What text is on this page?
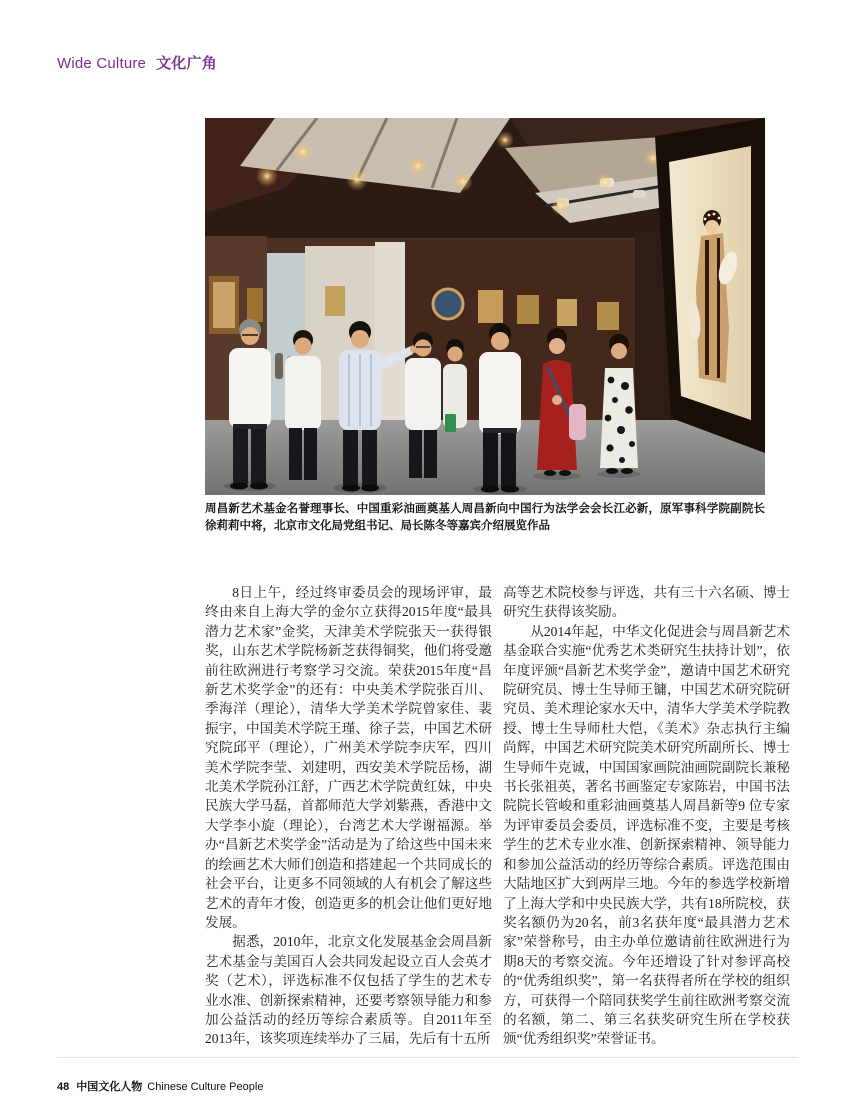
Wide Culture 文化广角
周昌新艺术基金名誉理事长、中国重彩油画奠基人周昌新向中国行为法学会会长江必新，原军事科学院副院长徐莉莉中将，北京市文化局党组书记、局长陈冬等嘉宾介绍展览作品

8日上午，经过终审委员会的现场评审，最终由来自上海大学的金尔立获得2015年度“最具潜力艺术家”金奖，天津美术学院张天一获得银奖，山东艺术学院杨新芝获得铜奖，他们将受邀前往欧洲进行考察学习交流。荣获2015年度“昌新艺术奖学金”的还有：中央美术学院张百川、季海洋（理论），清华大学美术学院曾家佳、裴振宇，中国美术学院王瑾、徐子芸，中国艺术研究院邱平（理论），广州美术学院李庆军，四川美术学院李莹、刘建明，西安美术学院岳杨，湖北美术学院孙江舒，广西艺术学院黄红妹，中央民族大学马磊，首都师范大学刘紫燕，香港中文大学李小旋（理论），台湾艺术大学谢福源。举办“昌新艺术奖学金”活动是为了给这些中国未来的绘画艺术大师们创造和搭建起一个共同成长的社会平台，让更多不同领域的人有机会了解这些艺术的青年才俊，创造更多的机会让他们更好地发展。

据悉，2010年，北京文化发展基金会周昌新艺术基金与美国百人会共同发起设立百人会英才奖（艺术），评选标准不仅包括了学生的艺术专业水准、创新探索精神，还要考察领导能力和参加公益活动的经历等综合素质等。自2011年至2013年，该奖项连续举办了三届，先后有十五所

高等艺术院校参与评选，共有三十六名硕、博士研究生获得该奖励。

从2014年起，中华文化促进会与周昌新艺术基金联合实施“优秀艺术类研究生扶持计划”，依年度评颁“昌新艺术奖学金”，邀请中国艺术研究院研究员、博士生导师王镛，中国艺术研究院研究员、美术理论家水天中，清华大学美术学院教授、博士生导师杜大恺，《美术》杂志执行主编尚辉，中国艺术研究院美术研究所副所长、博士生导师牛克诚，中国国家画院油画院副院长兼秘书长张祖英，著名书画鉴定专家陈岩，中国书法院院长管峻和重彩油画奠基人周昌新等9 位专家为评审委员会委员，评选标准不变，主要是考核学生的艺术专业水准、创新探索精神、领导能力和参加公益活动的经历等综合素质。评选范围由大陆地区扩大到两岸三地。今年的参选学校新增了上海大学和中央民族大学，共有18所院校，获奖名额仍为20名，前3名获年度“最具潜力艺术家”荣誉称号，由主办单位邀请前往欧洲进行为期8天的考察交流。今年还增设了针对参评高校的“优秀组织奖”，第一名获得者所在学校的组织方，可获得一个陪同获奖学生前往欧洲考察交流的名额，第二、第三名获奖研究生所在学校获颁“优秀组织奖”荣誉证书。

48 中国文化人物 Chinese Culture People
